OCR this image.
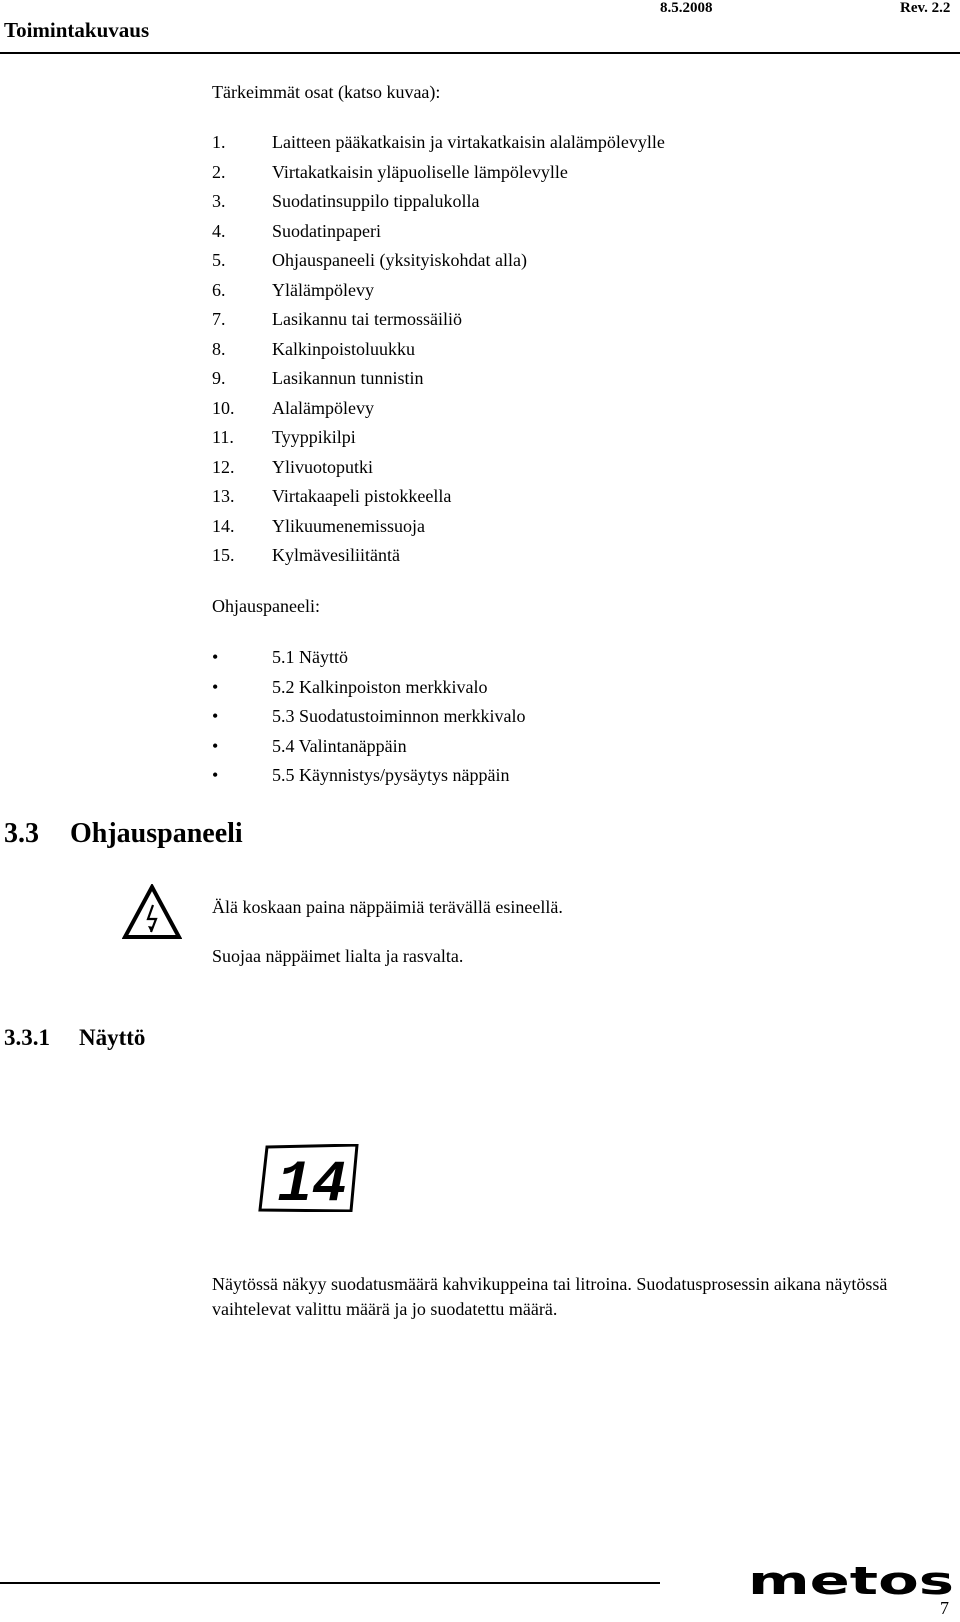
Toimintakuvaus
8.5.2008	Rev. 2.2
Tärkeimmät osat (katso kuvaa):
1.	Laitteen pääkatkaisin ja virtakatkaisin alalämpölevylle
2.	Virtakatkaisin yläpuoliselle lämpölevylle
3.	Suodatinsuppilo tippalukolla
4.	Suodatinpaperi
5.	Ohjauspaneeli (yksityiskohdat alla)
6.	Ylälämpölevy
7.	Lasikannu tai termossäiliö
8.	Kalkinpoistoluukku
9.	Lasikannun tunnistin
10.	Alalämpölevy
11.	Tyyppikilpi
12.	Ylivuotoputki
13.	Virtakaapeli pistokkeella
14.	Ylikuumenemissuoja
15.	Kylmävesiliitäntä
Ohjauspaneeli:
•	5.1 Näyttö
•	5.2 Kalkinpoiston merkkivalo
•	5.3 Suodatustoiminnon merkkivalo
•	5.4 Valintanäppäin
•	5.5 Käynnistys/pysäytys näppäin
3.3 Ohjauspaneeli
Älä koskaan paina näppäimiä terävällä esineellä.
Suojaa näppäimet lialta ja rasvalta.
3.3.1 Näyttö
14
Näytössä näkyy suodatusmäärä kahvikuppeina tai litroina. Suodatusprosessin aikana näytössä vaihtelevat valittu määrä ja jo suodatettu määrä.
metos
7
